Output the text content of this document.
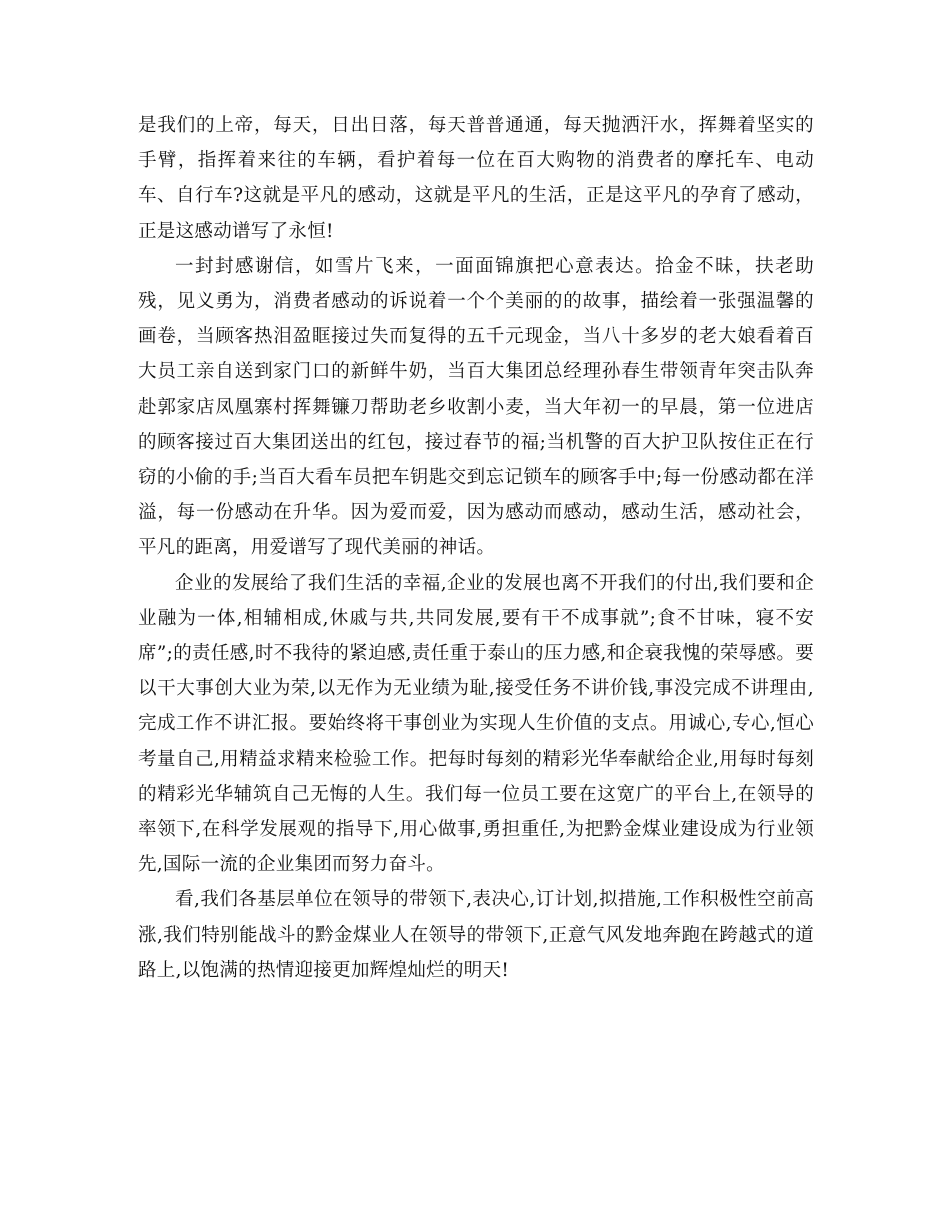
是我们的上帝，每天，日出日落，每天普普通通，每天抛洒汗水，挥舞着坚实的手臂，指挥着来往的车辆，看护着每一位在百大购物的消费者的摩托车、电动车、自行车?这就是平凡的感动，这就是平凡的生活，正是这平凡的孕育了感动，正是这感动谱写了永恒!

一封封感谢信，如雪片飞来，一面面锦旗把心意表达。拾金不昧，扶老助残，见义勇为，消费者感动的诉说着一个个美丽的的故事，描绘着一张强温馨的画卷，当顾客热泪盈眶接过失而复得的五千元现金，当八十多岁的老大娘看着百大员工亲自送到家门口的新鲜牛奶，当百大集团总经理孙春生带领青年突击队奔赴郭家店凤凰寨村挥舞镰刀帮助老乡收割小麦，当大年初一的早晨，第一位进店的顾客接过百大集团送出的红包，接过春节的福;当机警的百大护卫队按住正在行窃的小偷的手;当百大看车员把车钥匙交到忘记锁车的顾客手中;每一份感动都在洋溢，每一份感动在升华。因为爱而爱，因为感动而感动，感动生活，感动社会，平凡的距离，用爱谱写了现代美丽的神话。

企业的发展给了我们生活的幸福,企业的发展也离不开我们的付出,我们要和企业融为一体,相辅相成,休戚与共,共同发展,要有干不成事就”;食不甘味，寝不安席”;的责任感,时不我待的紧迫感,责任重于泰山的压力感,和企衰我愧的荣辱感。要以干大事创大业为荣,以无作为无业绩为耻,接受任务不讲价钱,事没完成不讲理由,完成工作不讲汇报。要始终将干事创业为实现人生价值的支点。用诚心,专心,恒心考量自己,用精益求精来检验工作。把每时每刻的精彩光华奉献给企业,用每时每刻的精彩光华辅筑自己无悔的人生。我们每一位员工要在这宽广的平台上,在领导的率领下,在科学发展观的指导下,用心做事,勇担重任,为把黔金煤业建设成为行业领先,国际一流的企业集团而努力奋斗。

看,我们各基层单位在领导的带领下,表决心,订计划,拟措施,工作积极性空前高涨,我们特别能战斗的黔金煤业人在领导的带领下,正意气风发地奔跑在跨越式的道路上,以饱满的热情迎接更加辉煌灿烂的明天!
